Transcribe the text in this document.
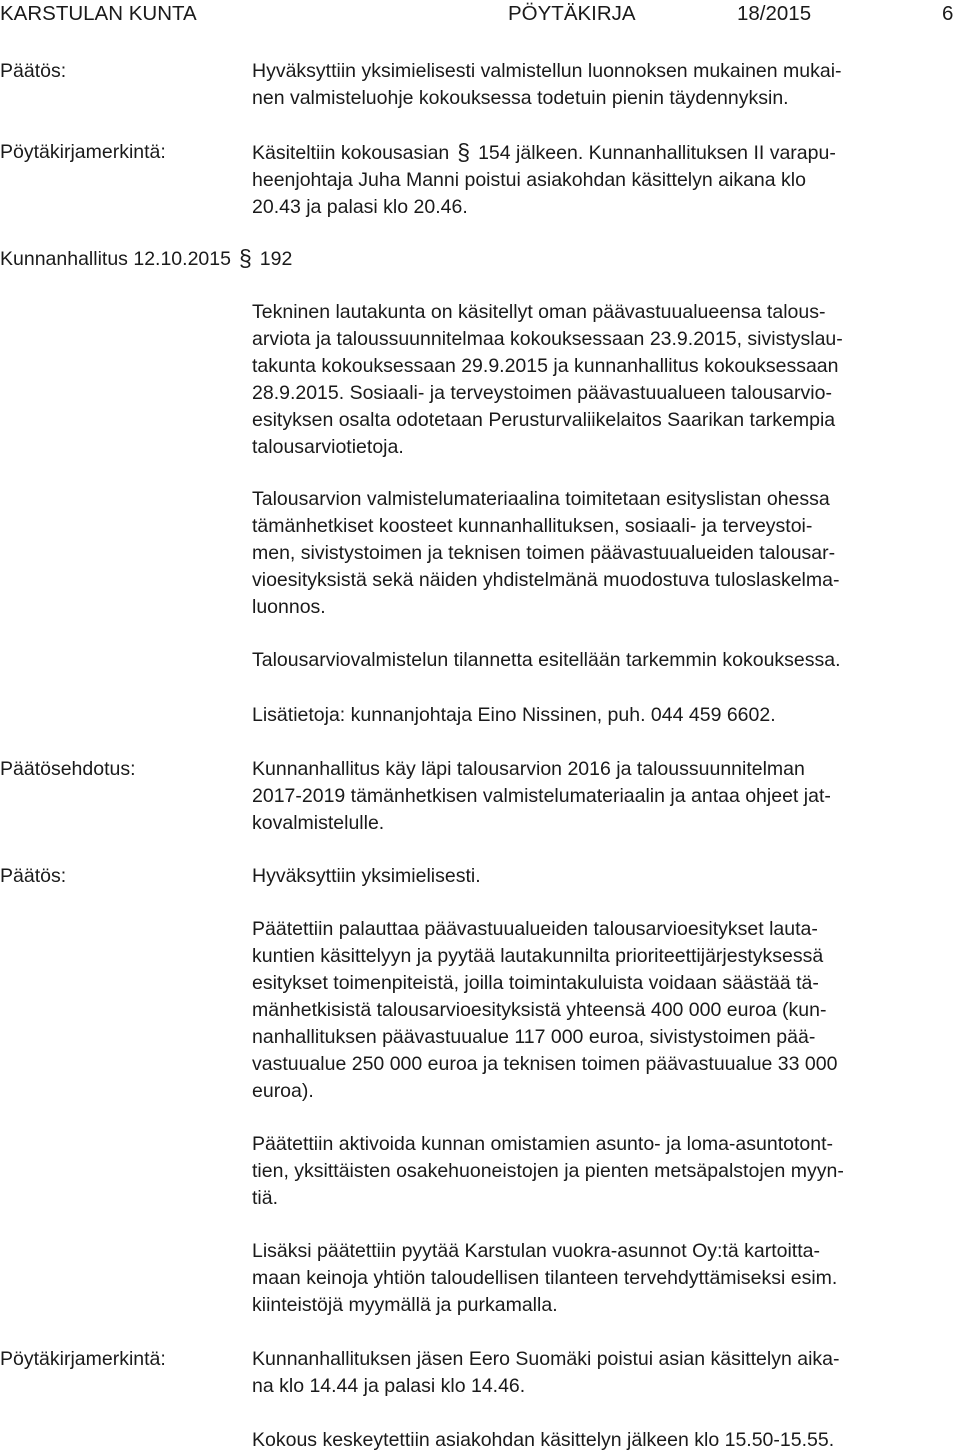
KARSTULAN KUNTA	PÖYTÄKIRJA	18/2015	6
Päätös:	Hyväksyttiin yksimielisesti valmistellun luonnoksen mukainen mukai-
nen valmisteluohje kokouksessa todetuin pienin täydennyksin.
Pöytäkirjamerkintä:	Käsiteltiin kokousasian § 154 jälkeen. Kunnanhallituksen II varapu-
heenjohtaja Juha Manni poistui asiakohdan käsittelyn aikana klo
20.43 ja palasi klo 20.46.
Kunnanhallitus 12.10.2015 § 192
Tekninen lautakunta on käsitellyt oman päävastuualueensa talous-
arviota ja taloussuunnitelmaa kokouksessaan 23.9.2015, sivistyslau-
takunta kokouksessaan 29.9.2015 ja kunnanhallitus kokouksessaan
28.9.2015. Sosiaali- ja terveystoimen päävastuualueen talousarvio-
esityksen osalta odotetaan Perusturvaliikelaitos Saarikan tarkempia
talousarviotietoja.
Talousarvion valmistelumateriaalina toimitetaan esityslistan ohessa
tämänhetkiset koosteet kunnanhallituksen, sosiaali- ja terveystoi-
men, sivistystoimen ja teknisen toimen päävastuualueiden talousar-
vioesityksistä sekä näiden yhdistelmänä muodostuva tuloslaskelma-
luonnos.
Talousarviovalmistelun tilannetta esitellään tarkemmin kokouksessa.
Lisätietoja: kunnanjohtaja Eino Nissinen, puh. 044 459 6602.
Päätösehdotus:	Kunnanhallitus käy läpi talousarvion 2016 ja taloussuunnitelman
2017-2019 tämänhetkisen valmistelumateriaalin ja antaa ohjeet jat-
kovalmistelulle.
Päätös:	Hyväksyttiin yksimielisesti.
Päätettiin palauttaa päävastuualueiden talousarvioesitykset lauta-
kuntien käsittelyyn ja pyytää lautakunnilta prioriteettijärjestyksessä
esitykset toimenpiteistä, joilla toimintakuluista voidaan säästää tä-
mänhetkisistä talousarvioesityksistä yhteensä 400 000 euroa (kun-
nanhallituksen päävastuualue 117 000 euroa, sivistystoimen pää-
vastuualue 250 000 euroa ja teknisen toimen päävastuualue 33 000
euroa).
Päätettiin aktivoida kunnan omistamien asunto- ja loma-asuntotont-
tien, yksittäisten osakehuoneistojen ja pienten metsäpalstojen myyn-
tiä.
Lisäksi päätettiin pyytää Karstulan vuokra-asunnot Oy:tä kartoitta-
maan keinoja yhtiön taloudellisen tilanteen tervehdyttämiseksi esim.
kiinteistöjä myymällä ja purkamalla.
Pöytäkirjamerkintä:	Kunnanhallituksen jäsen Eero Suomäki poistui asian käsittelyn aika-
na klo 14.44 ja palasi klo 14.46.
Kokous keskeytettiin asiakohdan käsittelyn jälkeen klo 15.50-15.55.
